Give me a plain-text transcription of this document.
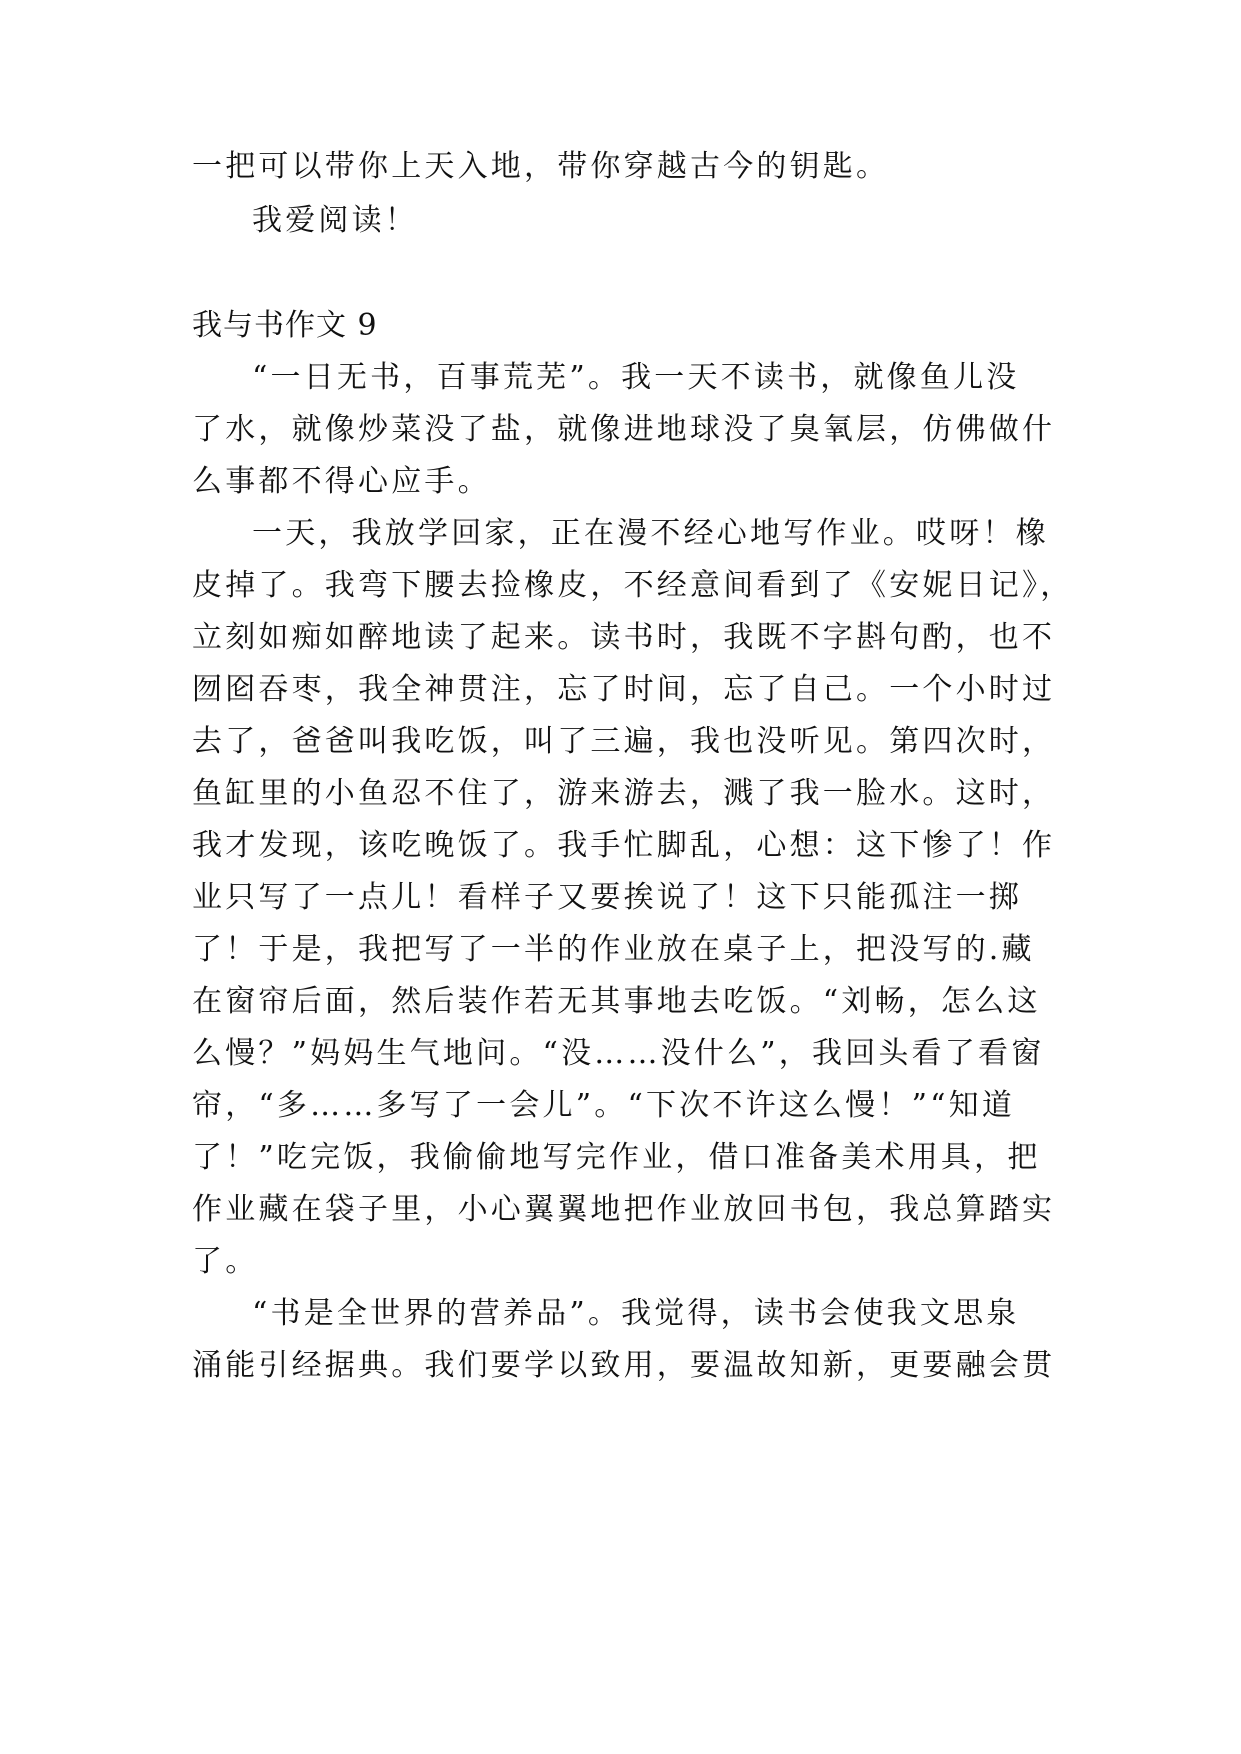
一把可以带你上天入地，带你穿越古今的钥匙。
我爱阅读！
我与书作文 9
“一日无书，百事荒芜”。我一天不读书，就像鱼儿没
了水，就像炒菜没了盐，就像进地球没了臭氧层，仿佛做什
么事都不得心应手。
一天，我放学回家，正在漫不经心地写作业。哎呀！橡
皮掉了。我弯下腰去捡橡皮，不经意间看到了《安妮日记》，
立刻如痴如醉地读了起来。读书时，我既不字斟句酌，也不
囫囵吞枣，我全神贯注，忘了时间，忘了自己。一个小时过
去了，爸爸叫我吃饭，叫了三遍，我也没听见。第四次时，
鱼缸里的小鱼忍不住了，游来游去，溅了我一脸水。这时，
我才发现，该吃晚饭了。我手忙脚乱，心想：这下惨了！作
业只写了一点儿！看样子又要挨说了！这下只能孤注一掷
了！于是，我把写了一半的作业放在桌子上，把没写的.藏
在窗帘后面，然后装作若无其事地去吃饭。“刘畅，怎么这
么慢？”妈妈生气地问。“没……没什么”，我回头看了看窗
帘，“多……多写了一会儿”。“下次不许这么慢！”“知道
了！”吃完饭，我偷偷地写完作业，借口准备美术用具，把
作业藏在袋子里，小心翼翼地把作业放回书包，我总算踏实
了。
“书是全世界的营养品”。我觉得，读书会使我文思泉
涌能引经据典。我们要学以致用，要温故知新，更要融会贯
